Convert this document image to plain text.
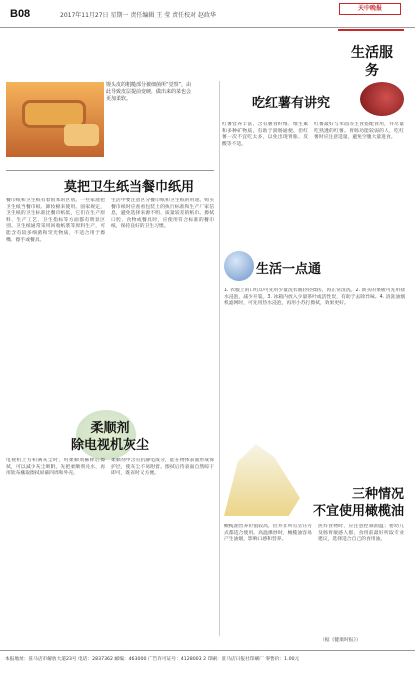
B08	2017年11月27日 星期一 责任编辑 王 莹 责任校对 赵政华
天中晚报
生活服务
馒头皮的粗糙部分被细菌所“觉察”，由此导致皮层提前变硬，做出来的菜也会更加柔软。
莫把卫生纸当餐巾纸用
餐巾纸和卫生纸有着很本的区别。一些家庭把卫生纸当餐巾纸、卸妆棉来使用。国家规定，卫生纸的卫生标准比餐巾纸低，它们在生产原料、生产工艺、卫生指标等方面都有明显区别。卫生纸通常采用回收纸浆等原料生产，可能含有较多细菌和荧光物质，不适合用于擦嘴、擦手或餐具。
生活中要注意区分餐巾纸和卫生纸的用途。购买餐巾纸时应查看包装上的执行标准和生产厂家信息，避免选择来源不明、质量较差的纸巾。擦拭口腔、食物或餐具时，应使用符合标准的餐巾纸，保持良好的卫生习惯。
柔顺剂
除电视机灰尘
电视机上方积满灰尘时，用柔顺剂稀释后擦拭，可以减少灰尘吸附。先把柔顺剂兑水，再用软布蘸取擦拭屏幕四周和外壳。
柔顺剂中含有抗静电成分，能在物体表面形成保护层，使灰尘不易附着。擦拭后待表面自然晾干即可，既省时又方便。
吃红薯有讲究
红薯营养丰富，含有膳食纤维、维生素和多种矿物质，有助于润肠通便。但红薯一次不宜吃太多，以免出现胃胀、反酸等不适。
红薯最好与米面等主食搭配食用，并尽量吃熟透的红薯。胃肠功能较弱的人，吃红薯时应注意适量，避免空腹大量进食。
生活一点通
1. 衣服上的口红印可先用少量洗衣液轻轻揉搓，再正常清洗。2. 新买的菜板可先用盐水浸泡，减少开裂。3. 冰箱内放入少量茶叶或活性炭，有助于去除异味。4. 清洗油烟机滤网时，可先用热水浸泡，再用小苏打擦拭，效果更好。
三种情况
不宜使用橄榄油
橄榄油营养价值较高，但并非所有烹饪方式都适合使用。高温爆炒时，橄榄油容易产生油烟，影响口感和营养。
煎炸食物时，应注意控制油温；婴幼儿及肠胃敏感人群，食用前最好听取专业建议，选择适合自己的食用油。
（据《健康时报》）
本报地址：驻马店市解放大道23号 电话：2837362 邮编：463000 广告许可证号：4128003 2 印刷：驻马店日报社印刷厂 零售价：1.00元
